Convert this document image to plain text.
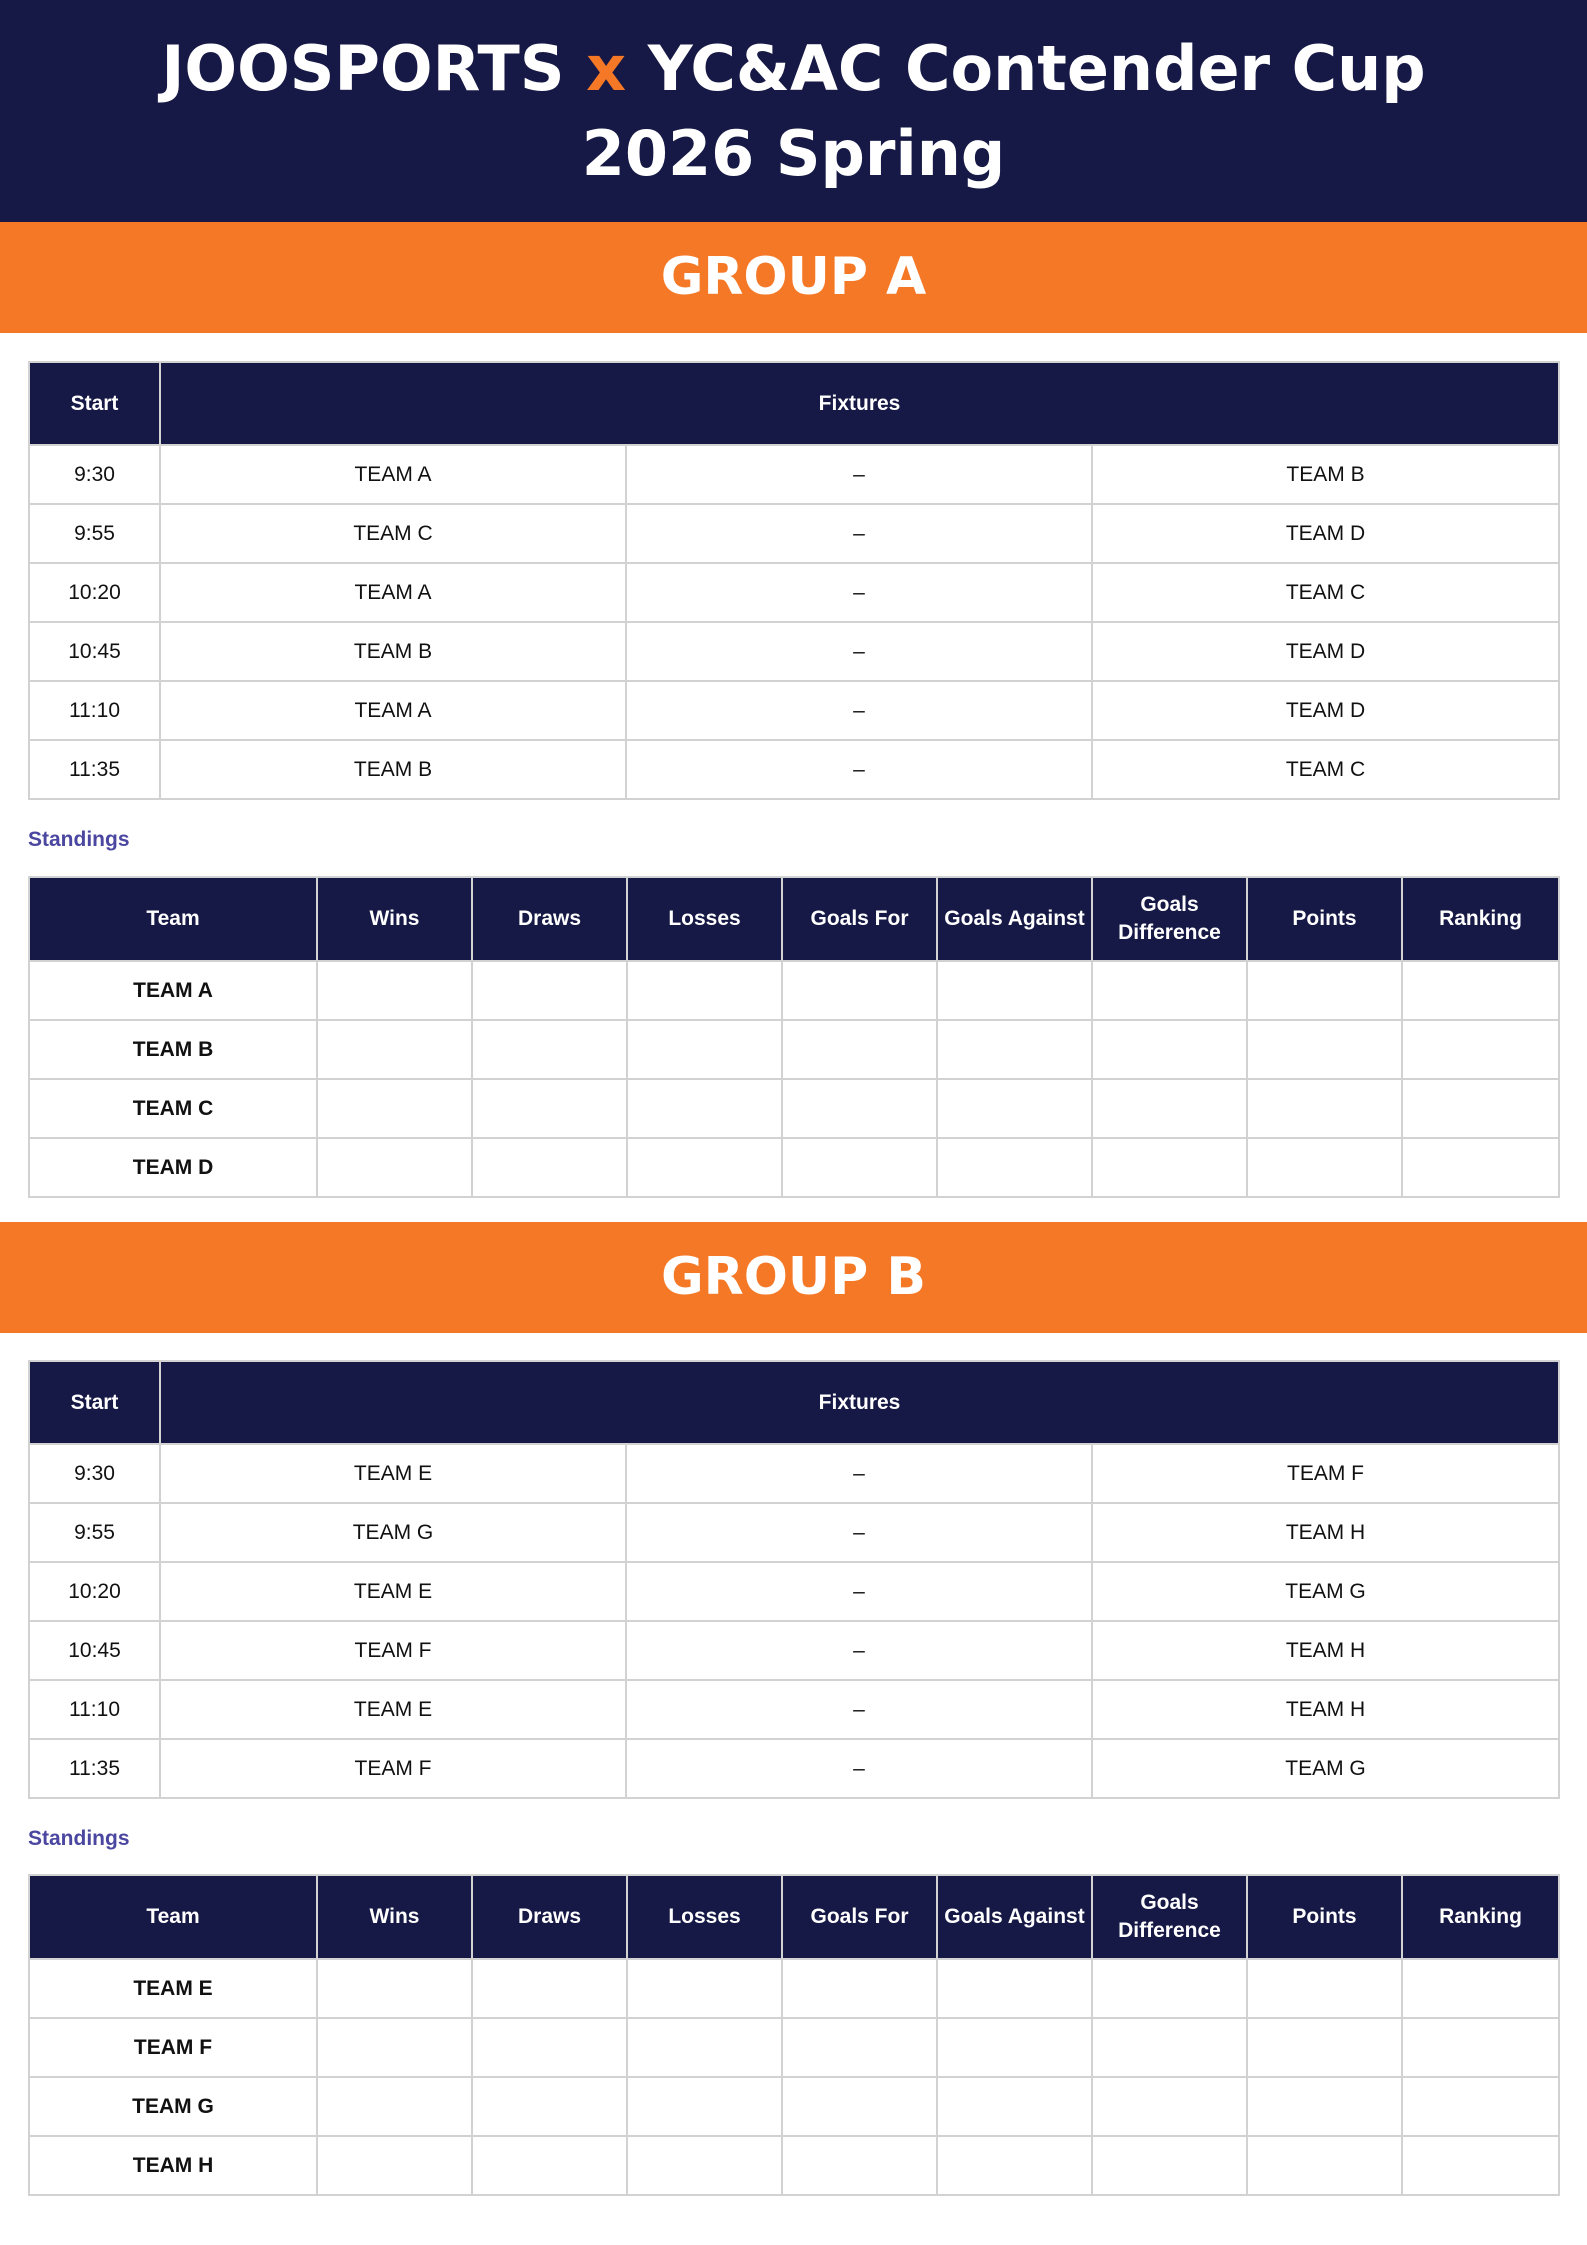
JOOSPORTS x YC&AC Contender Cup
2026 Spring
GROUP A
Start	Fixtures		
9:30	TEAM A	–	TEAM B
9:55	TEAM C	–	TEAM D
10:20	TEAM A	–	TEAM C
10:45	TEAM B	–	TEAM D
11:10	TEAM A	–	TEAM D
11:35	TEAM B	–	TEAM C
Standings
Team	Wins	Draws	Losses	Goals For	Goals Against	Goals Difference	Points	Ranking
TEAM A								
TEAM B								
TEAM C								
TEAM D								
GROUP B
Start	Fixtures		
9:30	TEAM E	–	TEAM F
9:55	TEAM G	–	TEAM H
10:20	TEAM E	–	TEAM G
10:45	TEAM F	–	TEAM H
11:10	TEAM E	–	TEAM H
11:35	TEAM F	–	TEAM G
Standings
Team	Wins	Draws	Losses	Goals For	Goals Against	Goals Difference	Points	Ranking
TEAM E								
TEAM F								
TEAM G								
TEAM H								
